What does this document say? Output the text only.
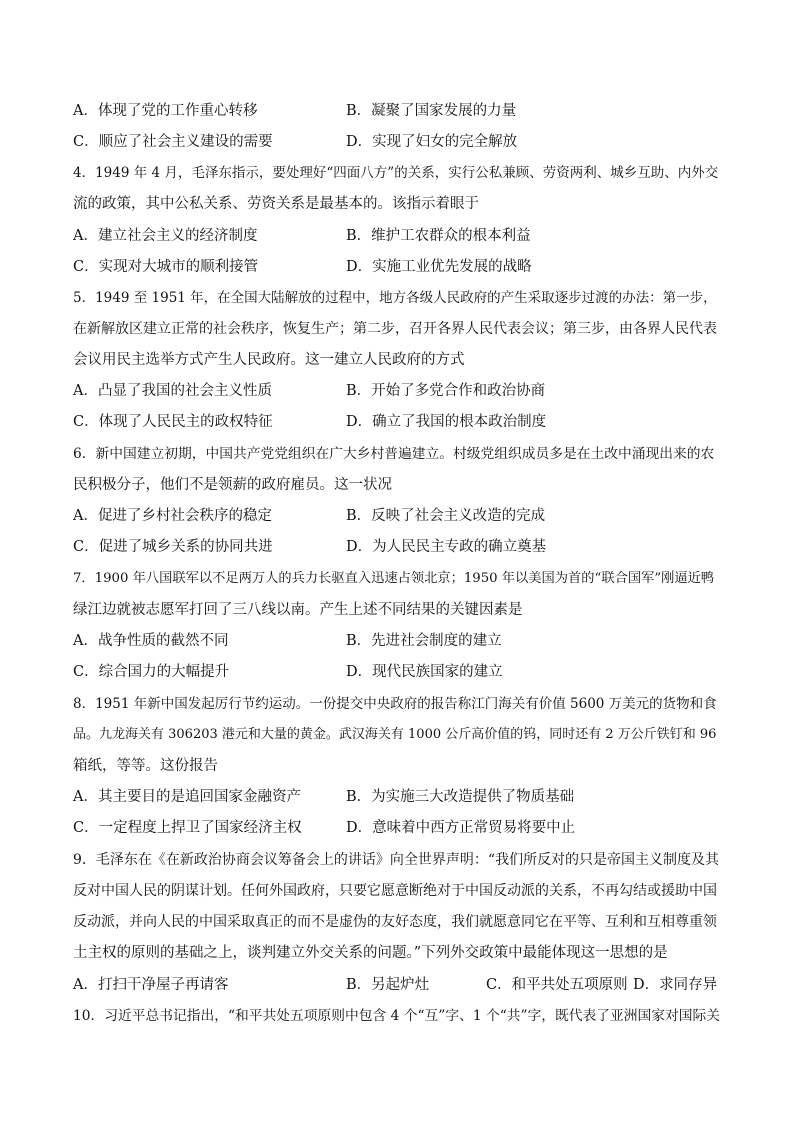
A．体现了党的工作重心转移	B．凝聚了国家发展的力量
C．顺应了社会主义建设的需要	D．实现了妇女的完全解放
4．1949 年 4 月，毛泽东指示，要处理好“四面八方”的关系，实行公私兼顾、劳资两利、城乡互助、内外交
流的政策，其中公私关系、劳资关系是最基本的。该指示着眼于
A．建立社会主义的经济制度	B．维护工农群众的根本利益
C．实现对大城市的顺利接管	D．实施工业优先发展的战略
5．1949 至 1951 年，在全国大陆解放的过程中，地方各级人民政府的产生采取逐步过渡的办法：第一步，
在新解放区建立正常的社会秩序，恢复生产；第二步，召开各界人民代表会议；第三步，由各界人民代表
会议用民主选举方式产生人民政府。这一建立人民政府的方式
A．凸显了我国的社会主义性质	B．开始了多党合作和政治协商
C．体现了人民民主的政权特征	D．确立了我国的根本政治制度
6．新中国建立初期，中国共产党党组织在广大乡村普遍建立。村级党组织成员多是在土改中涌现出来的农
民积极分子，他们不是领薪的政府雇员。这一状况
A．促进了乡村社会秩序的稳定	B．反映了社会主义改造的完成
C．促进了城乡关系的协同共进	D．为人民民主专政的确立奠基
7．1900 年八国联军以不足两万人的兵力长驱直入迅速占领北京；1950 年以美国为首的“联合国军”刚逼近鸭
绿江边就被志愿军打回了三八线以南。产生上述不同结果的关键因素是
A．战争性质的截然不同	B．先进社会制度的建立
C．综合国力的大幅提升	D．现代民族国家的建立
8．1951 年新中国发起厉行节约运动。一份提交中央政府的报告称江门海关有价值 5600 万美元的货物和食
品。九龙海关有 306203 港元和大量的黄金。武汉海关有 1000 公斤高价值的钨，同时还有 2 万公斤铁钉和 96
箱纸，等等。这份报告
A．其主要目的是追回国家金融资产	B．为实施三大改造提供了物质基础
C．一定程度上捍卫了国家经济主权	D．意味着中西方正常贸易将要中止
9．毛泽东在《在新政治协商会议筹备会上的讲话》向全世界声明：“我们所反对的只是帝国主义制度及其
反对中国人民的阴谋计划。任何外国政府，只要它愿意断绝对于中国反动派的关系，不再勾结或援助中国
反动派，并向人民的中国采取真正的而不是虚伪的友好态度，我们就愿意同它在平等、互利和互相尊重领
土主权的原则的基础之上，谈判建立外交关系的问题。”下列外交政策中最能体现这一思想的是
A．打扫干净屋子再请客	B．另起炉灶	C．和平共处五项原则 D．求同存异
10．习近平总书记指出，“和平共处五项原则中包含 4 个“互”字、1 个“共”字，既代表了亚洲国家对国际关
